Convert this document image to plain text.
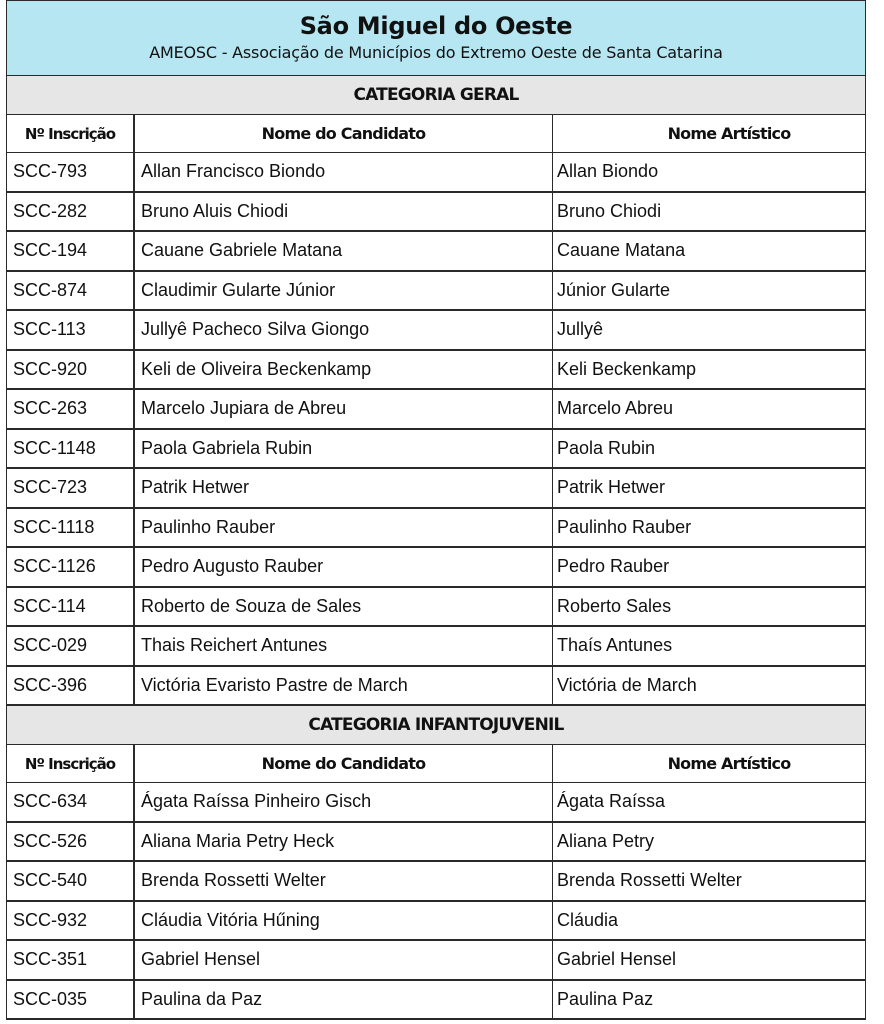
São Miguel do Oeste
AMEOSC - Associação de Municípios do Extremo Oeste de Santa Catarina
CATEGORIA GERAL
Nº Inscrição	Nome do Candidato	Nome Artístico
SCC-793	Allan Francisco Biondo	Allan Biondo
SCC-282	Bruno Aluis Chiodi	Bruno Chiodi
SCC-194	Cauane Gabriele Matana	Cauane Matana
SCC-874	Claudimir Gularte Júnior	Júnior Gularte
SCC-113	Jullyê Pacheco Silva Giongo	Jullyê
SCC-920	Keli de Oliveira Beckenkamp	Keli Beckenkamp
SCC-263	Marcelo Jupiara de Abreu	Marcelo Abreu
SCC-1148	Paola Gabriela Rubin	Paola Rubin
SCC-723	Patrik Hetwer	Patrik Hetwer
SCC-1118	Paulinho Rauber	Paulinho Rauber
SCC-1126	Pedro Augusto Rauber	Pedro Rauber
SCC-114	Roberto de Souza de Sales	Roberto Sales
SCC-029	Thais Reichert Antunes	Thaís Antunes
SCC-396	Victória Evaristo Pastre de March	Victória de March
CATEGORIA INFANTOJUVENIL
Nº Inscrição	Nome do Candidato	Nome Artístico
SCC-634	Ágata Raíssa Pinheiro Gisch	Ágata Raíssa
SCC-526	Aliana Maria Petry Heck	Aliana Petry
SCC-540	Brenda Rossetti Welter	Brenda Rossetti Welter
SCC-932	Cláudia Vitória Hűning	Cláudia
SCC-351	Gabriel Hensel	Gabriel Hensel
SCC-035	Paulina da Paz	Paulina Paz
